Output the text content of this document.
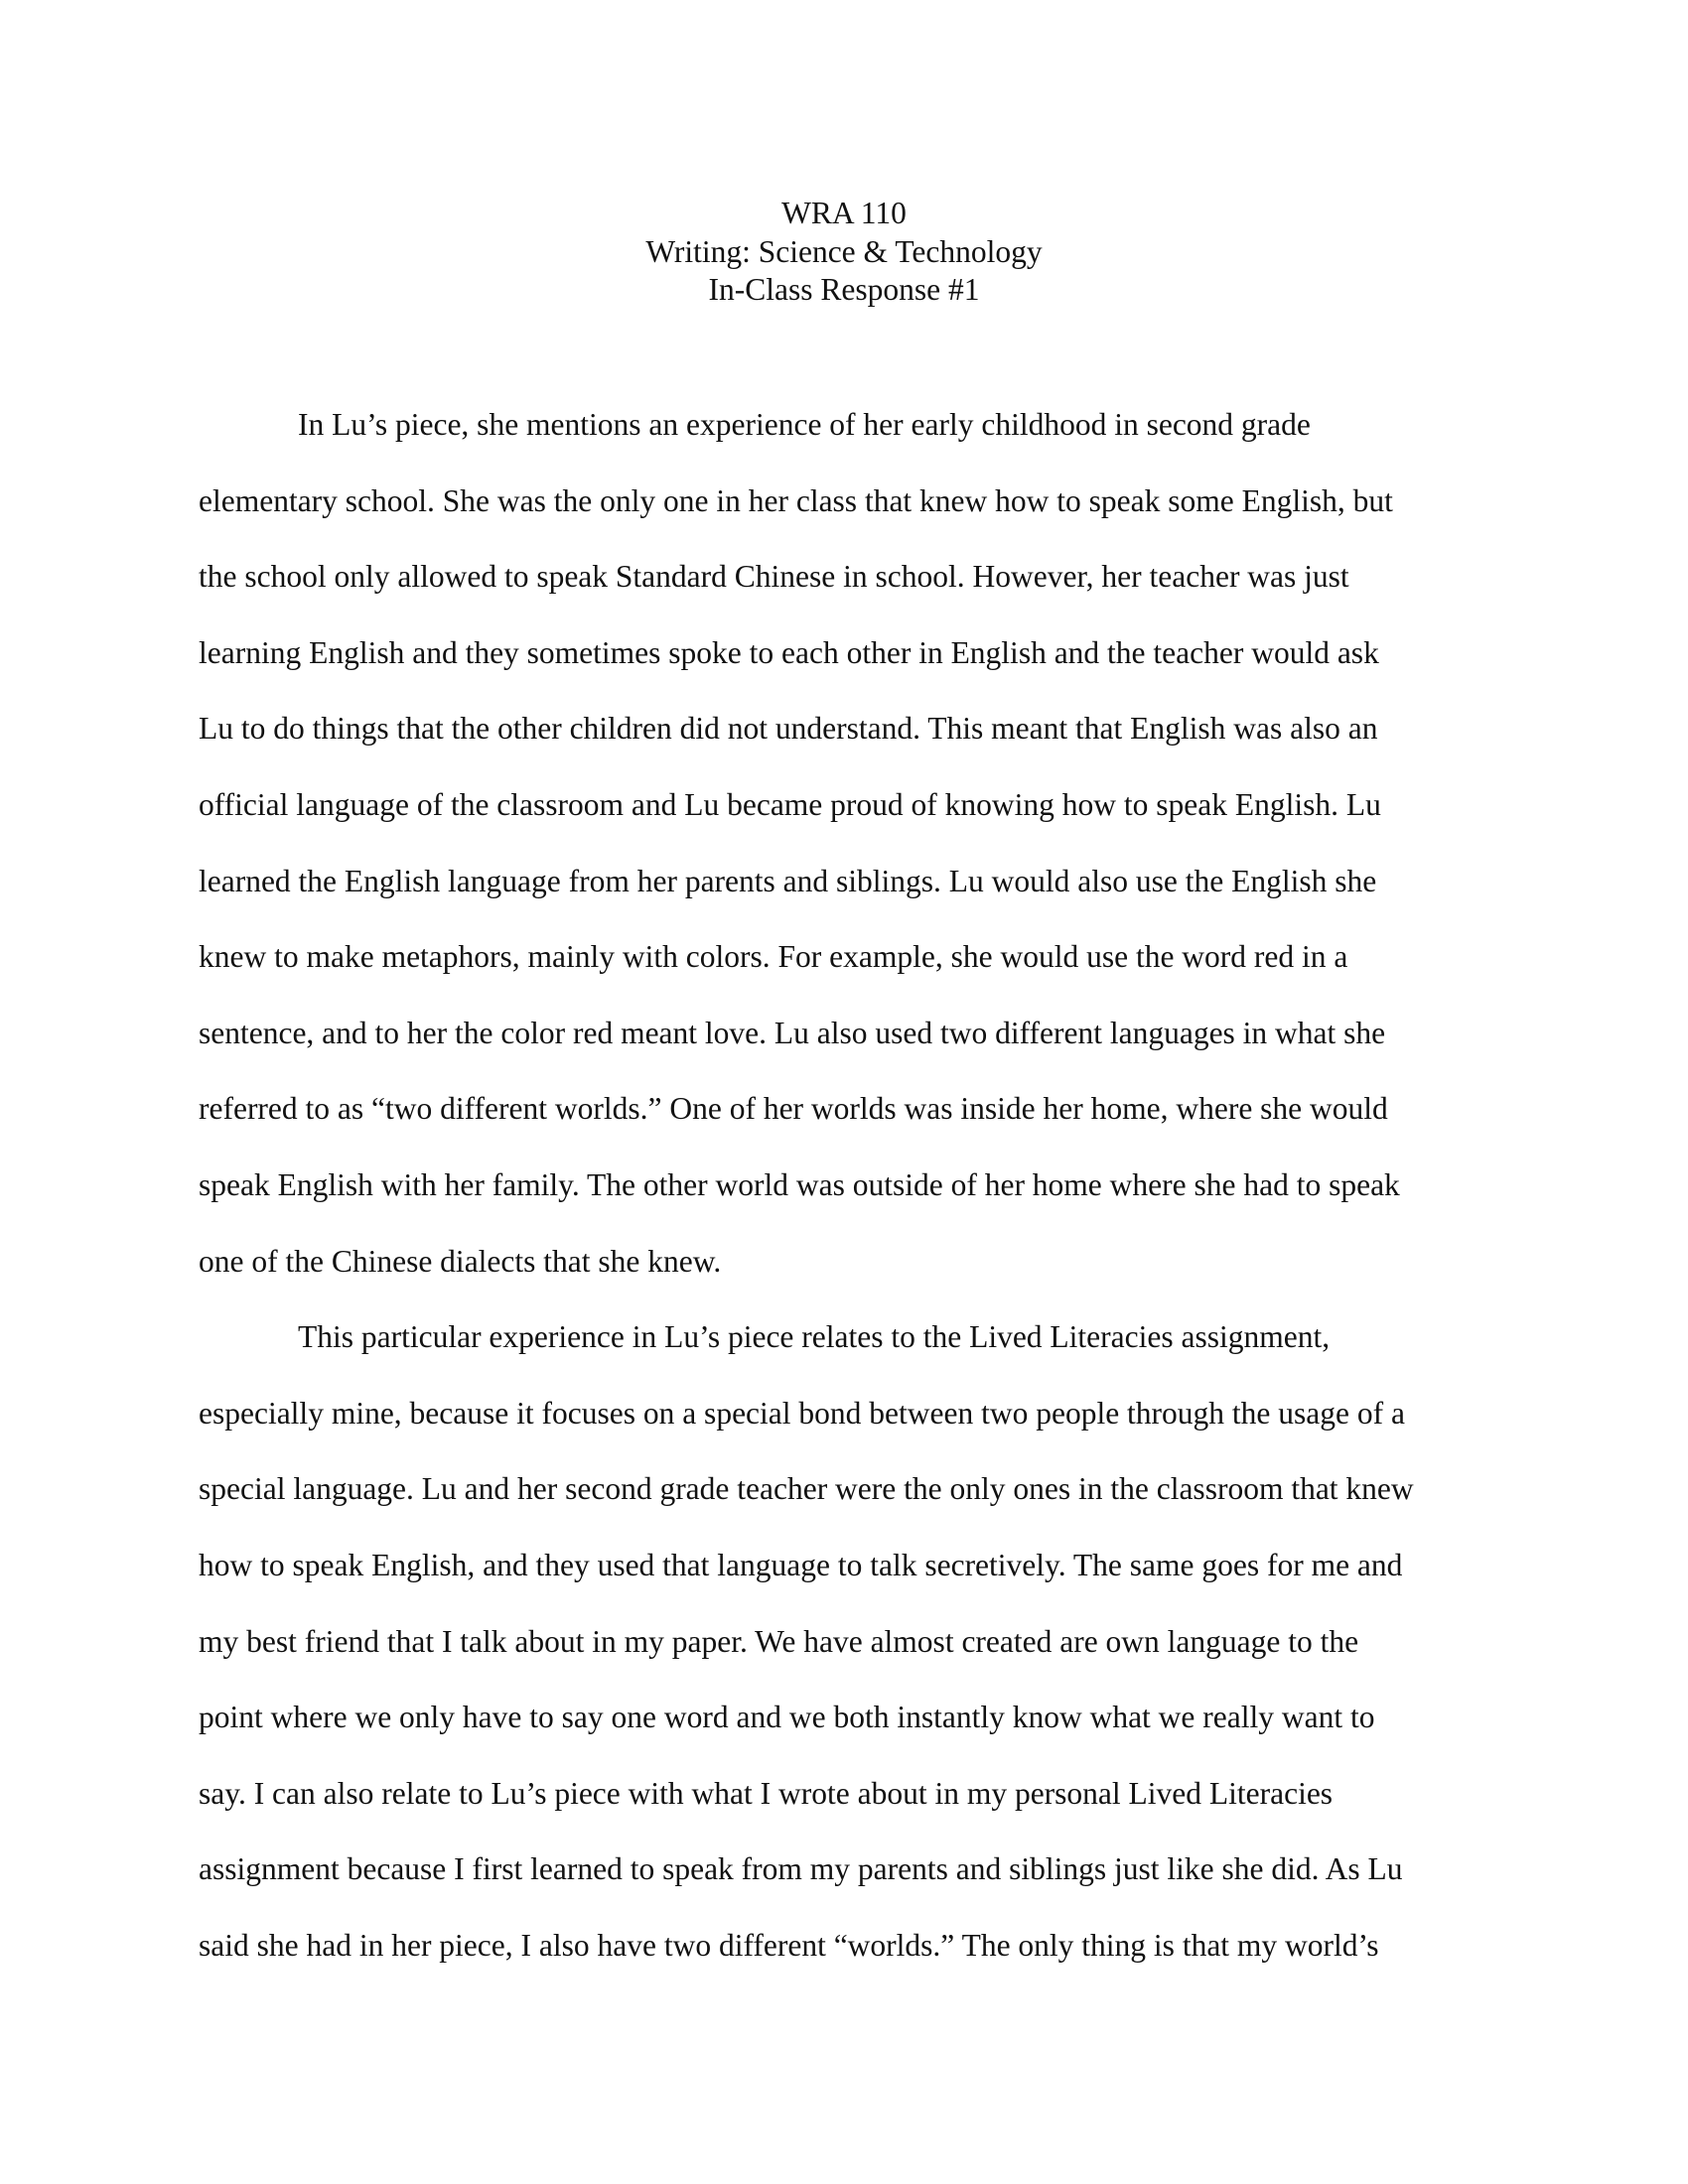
WRA 110
Writing: Science & Technology
In-Class Response #1
In Lu’s piece, she mentions an experience of her early childhood in second grade
elementary school. She was the only one in her class that knew how to speak some English, but
the school only allowed to speak Standard Chinese in school. However, her teacher was just
learning English and they sometimes spoke to each other in English and the teacher would ask
Lu to do things that the other children did not understand. This meant that English was also an
official language of the classroom and Lu became proud of knowing how to speak English. Lu
learned the English language from her parents and siblings. Lu would also use the English she
knew to make metaphors, mainly with colors. For example, she would use the word red in a
sentence, and to her the color red meant love. Lu also used two different languages in what she
referred to as “two different worlds.” One of her worlds was inside her home, where she would
speak English with her family. The other world was outside of her home where she had to speak
one of the Chinese dialects that she knew.
This particular experience in Lu’s piece relates to the Lived Literacies assignment,
especially mine, because it focuses on a special bond between two people through the usage of a
special language. Lu and her second grade teacher were the only ones in the classroom that knew
how to speak English, and they used that language to talk secretively. The same goes for me and
my best friend that I talk about in my paper. We have almost created are own language to the
point where we only have to say one word and we both instantly know what we really want to
say. I can also relate to Lu’s piece with what I wrote about in my personal Lived Literacies
assignment because I first learned to speak from my parents and siblings just like she did. As Lu
said she had in her piece, I also have two different “worlds.” The only thing is that my world’s
